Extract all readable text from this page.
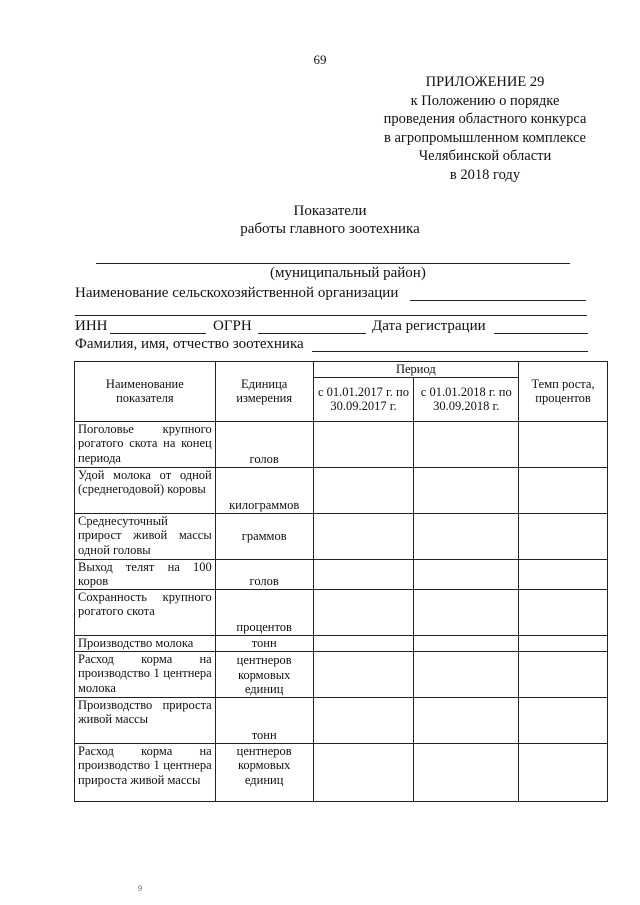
69
ПРИЛОЖЕНИЕ 29
к Положению о порядке
проведения областного конкурса
в агропромышленном комплексе
Челябинской области
в 2018 году
Показатели
работы главного зоотехника
(муниципальный район)
Наименование сельскохозяйственной организации
ИНН	ОГРН	Дата регистрации
Фамилия, имя, отчество зоотехника
Наименование показателя	Единица измерения	Период		Темп роста, процентов
		с 01.01.2017 г. по 30.09.2017 г.	с 01.01.2018 г. по 30.09.2018 г.	
Поголовье крупного рогатого скота на конец периода	голов			
Удой молока от одной (среднегодовой) коровы	килограммов			
Среднесуточный прирост живой массы одной головы	граммов			
Выход телят на 100 коров	голов			
Сохранность крупного рогатого скота	процентов			
Производство молока	тонн			
Расход корма на производство 1 центнера молока	центнеров кормовых единиц			
Производство прироста живой массы	тонн			
Расход корма на производство 1 центнера прироста живой массы	центнеров кормовых единиц			
9
